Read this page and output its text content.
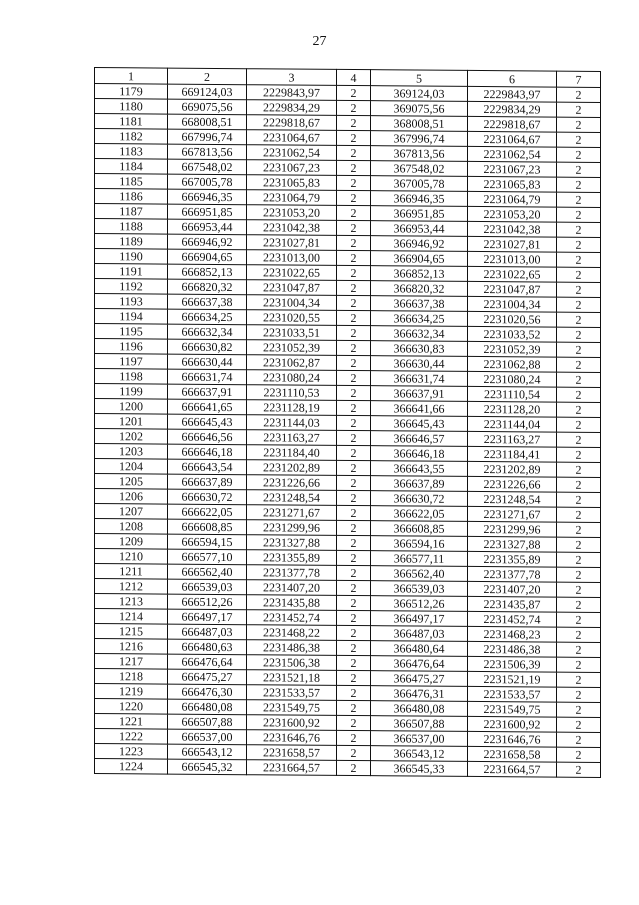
27
1	2	3	4	5	6	7
1179	669124,03	2229843,97	2	369124,03	2229843,97	2
1180	669075,56	2229834,29	2	369075,56	2229834,29	2
1181	668008,51	2229818,67	2	368008,51	2229818,67	2
1182	667996,74	2231064,67	2	367996,74	2231064,67	2
1183	667813,56	2231062,54	2	367813,56	2231062,54	2
1184	667548,02	2231067,23	2	367548,02	2231067,23	2
1185	667005,78	2231065,83	2	367005,78	2231065,83	2
1186	666946,35	2231064,79	2	366946,35	2231064,79	2
1187	666951,85	2231053,20	2	366951,85	2231053,20	2
1188	666953,44	2231042,38	2	366953,44	2231042,38	2
1189	666946,92	2231027,81	2	366946,92	2231027,81	2
1190	666904,65	2231013,00	2	366904,65	2231013,00	2
1191	666852,13	2231022,65	2	366852,13	2231022,65	2
1192	666820,32	2231047,87	2	366820,32	2231047,87	2
1193	666637,38	2231004,34	2	366637,38	2231004,34	2
1194	666634,25	2231020,55	2	366634,25	2231020,56	2
1195	666632,34	2231033,51	2	366632,34	2231033,52	2
1196	666630,82	2231052,39	2	366630,83	2231052,39	2
1197	666630,44	2231062,87	2	366630,44	2231062,88	2
1198	666631,74	2231080,24	2	366631,74	2231080,24	2
1199	666637,91	2231110,53	2	366637,91	2231110,54	2
1200	666641,65	2231128,19	2	366641,66	2231128,20	2
1201	666645,43	2231144,03	2	366645,43	2231144,04	2
1202	666646,56	2231163,27	2	366646,57	2231163,27	2
1203	666646,18	2231184,40	2	366646,18	2231184,41	2
1204	666643,54	2231202,89	2	366643,55	2231202,89	2
1205	666637,89	2231226,66	2	366637,89	2231226,66	2
1206	666630,72	2231248,54	2	366630,72	2231248,54	2
1207	666622,05	2231271,67	2	366622,05	2231271,67	2
1208	666608,85	2231299,96	2	366608,85	2231299,96	2
1209	666594,15	2231327,88	2	366594,16	2231327,88	2
1210	666577,10	2231355,89	2	366577,11	2231355,89	2
1211	666562,40	2231377,78	2	366562,40	2231377,78	2
1212	666539,03	2231407,20	2	366539,03	2231407,20	2
1213	666512,26	2231435,88	2	366512,26	2231435,87	2
1214	666497,17	2231452,74	2	366497,17	2231452,74	2
1215	666487,03	2231468,22	2	366487,03	2231468,23	2
1216	666480,63	2231486,38	2	366480,64	2231486,38	2
1217	666476,64	2231506,38	2	366476,64	2231506,39	2
1218	666475,27	2231521,18	2	366475,27	2231521,19	2
1219	666476,30	2231533,57	2	366476,31	2231533,57	2
1220	666480,08	2231549,75	2	366480,08	2231549,75	2
1221	666507,88	2231600,92	2	366507,88	2231600,92	2
1222	666537,00	2231646,76	2	366537,00	2231646,76	2
1223	666543,12	2231658,57	2	366543,12	2231658,58	2
1224	666545,32	2231664,57	2	366545,33	2231664,57	2
